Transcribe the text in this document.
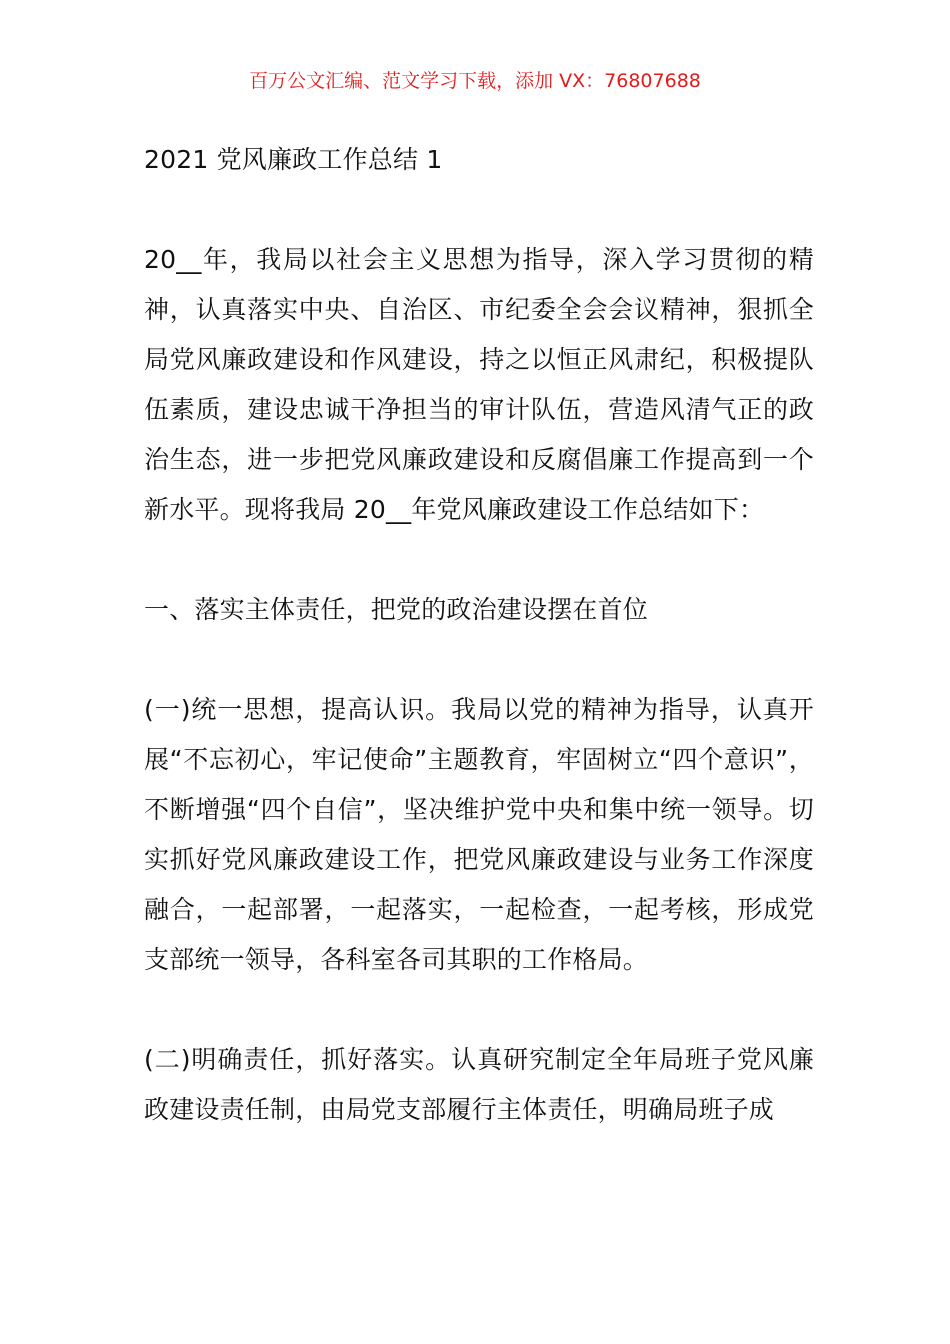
百万公文汇编、范文学习下载，添加 VX：76807688

2021 党风廉政工作总结 1

20__年，我局以社会主义思想为指导，深入学习贯彻的精神，认真落实中央、自治区、市纪委全会会议精神，狠抓全局党风廉政建设和作风建设，持之以恒正风肃纪，积极提队伍素质，建设忠诚干净担当的审计队伍，营造风清气正的政治生态，进一步把党风廉政建设和反腐倡廉工作提高到一个新水平。现将我局 20__年党风廉政建设工作总结如下：

一、落实主体责任，把党的政治建设摆在首位

(一)统一思想，提高认识。我局以党的精神为指导，认真开展“不忘初心，牢记使命”主题教育，牢固树立“四个意识”，不断增强“四个自信”，坚决维护党中央和集中统一领导。切实抓好党风廉政建设工作，把党风廉政建设与业务工作深度融合，一起部署，一起落实，一起检查，一起考核，形成党支部统一领导，各科室各司其职的工作格局。

(二)明确责任，抓好落实。认真研究制定全年局班子党风廉政建设责任制，由局党支部履行主体责任，明确局班子成
